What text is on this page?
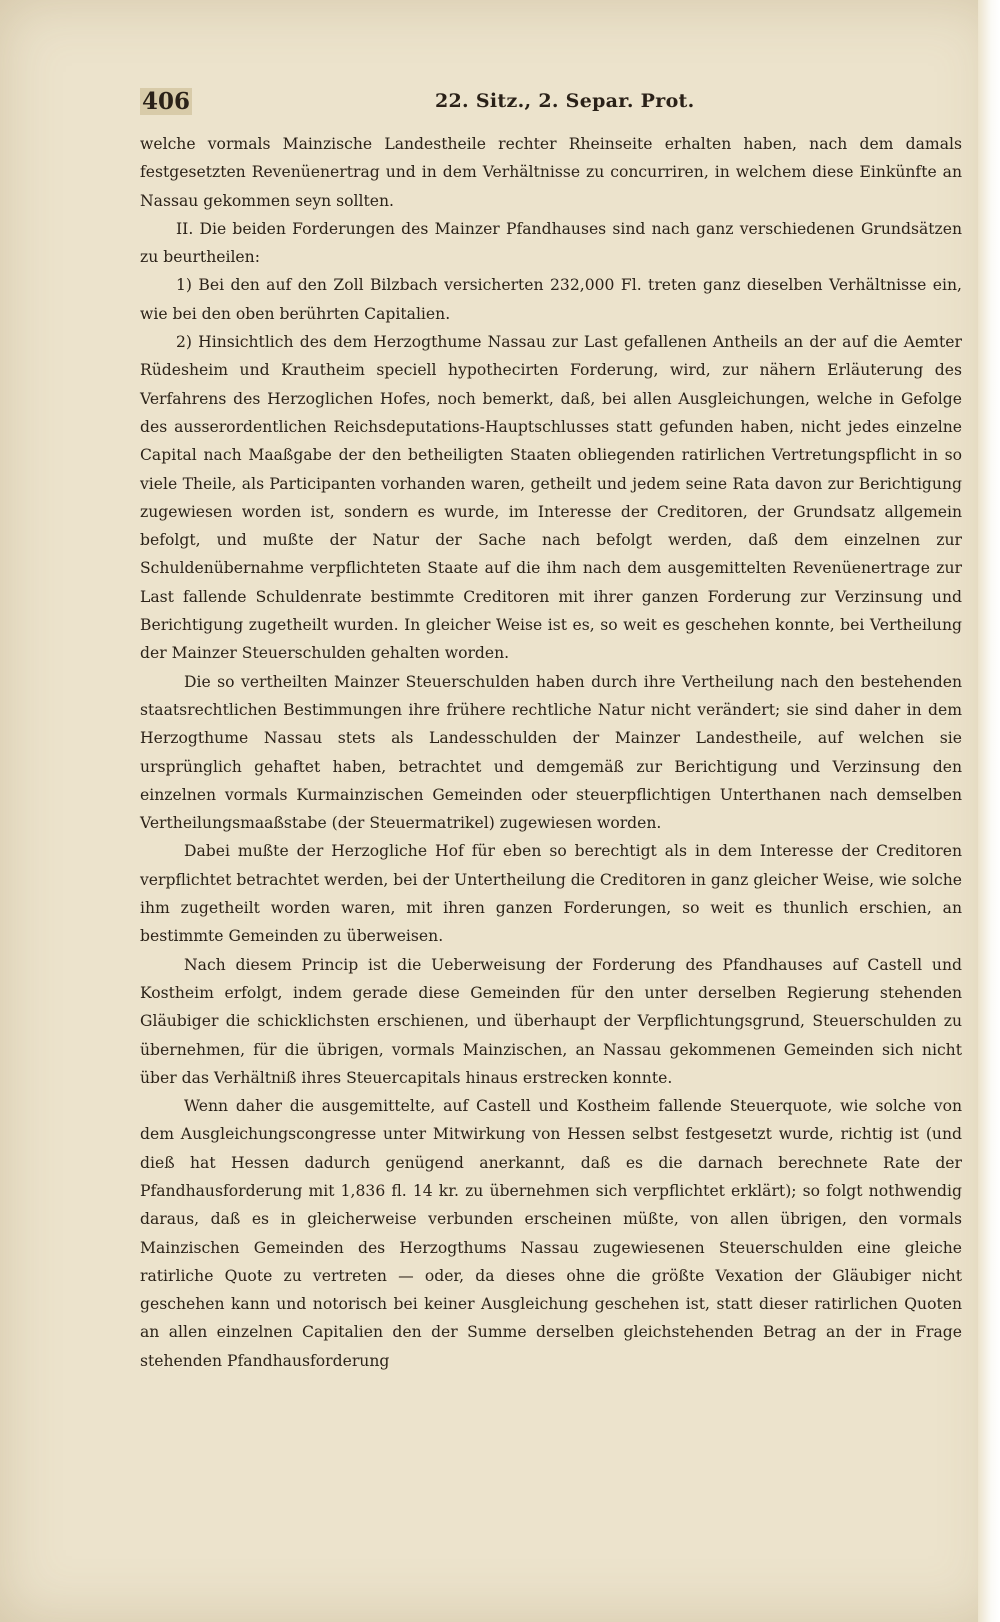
406	22. Sitz., 2. Separ. Prot.

welche vormals Mainzische Landestheile rechter Rheinseite erhalten haben, nach dem damals festgesetzten Revenüenertrag und in dem Verhältnisse zu concurriren, in welchem diese Einkünfte an Nassau gekommen seyn sollten.

II. Die beiden Forderungen des Mainzer Pfandhauses sind nach ganz verschiedenen Grundsätzen zu beurtheilen:

1) Bei den auf den Zoll Bilzbach versicherten 232,000 Fl. treten ganz dieselben Verhältnisse ein, wie bei den oben berührten Capitalien.

2) Hinsichtlich des dem Herzogthume Nassau zur Last gefallenen Antheils an der auf die Aemter Rüdesheim und Krautheim speciell hypothecirten Forderung, wird, zur nähern Erläuterung des Verfahrens des Herzoglichen Hofes, noch bemerkt, daß, bei allen Ausgleichungen, welche in Gefolge des ausserordentlichen Reichsdeputations-Hauptschlusses statt gefunden haben, nicht jedes einzelne Capital nach Maaßgabe der den betheiligten Staaten obliegenden ratirlichen Vertretungspflicht in so viele Theile, als Participanten vorhanden waren, getheilt und jedem seine Rata davon zur Berichtigung zugewiesen worden ist, sondern es wurde, im Interesse der Creditoren, der Grundsatz allgemein befolgt, und mußte der Natur der Sache nach befolgt werden, daß dem einzelnen zur Schuldenübernahme verpflichteten Staate auf die ihm nach dem ausgemittelten Revenüenertrage zur Last fallende Schuldenrate bestimmte Creditoren mit ihrer ganzen Forderung zur Verzinsung und Berichtigung zugetheilt wurden. In gleicher Weise ist es, so weit es geschehen konnte, bei Vertheilung der Mainzer Steuerschulden gehalten worden.

Die so vertheilten Mainzer Steuerschulden haben durch ihre Vertheilung nach den bestehenden staatsrechtlichen Bestimmungen ihre frühere rechtliche Natur nicht verändert; sie sind daher in dem Herzogthume Nassau stets als Landesschulden der Mainzer Landestheile, auf welchen sie ursprünglich gehaftet haben, betrachtet und demgemäß zur Berichtigung und Verzinsung den einzelnen vormals Kurmainzischen Gemeinden oder steuerpflichtigen Unterthanen nach demselben Vertheilungsmaaßstabe (der Steuermatrikel) zugewiesen worden.

Dabei mußte der Herzogliche Hof für eben so berechtigt als in dem Interesse der Creditoren verpflichtet betrachtet werden, bei der Untertheilung die Creditoren in ganz gleicher Weise, wie solche ihm zugetheilt worden waren, mit ihren ganzen Forderungen, so weit es thunlich erschien, an bestimmte Gemeinden zu überweisen.

Nach diesem Princip ist die Ueberweisung der Forderung des Pfandhauses auf Castell und Kostheim erfolgt, indem gerade diese Gemeinden für den unter derselben Regierung stehenden Gläubiger die schicklichsten erschienen, und überhaupt der Verpflichtungsgrund, Steuerschulden zu übernehmen, für die übrigen, vormals Mainzischen, an Nassau gekommenen Gemeinden sich nicht über das Verhältniß ihres Steuercapitals hinaus erstrecken konnte.

Wenn daher die ausgemittelte, auf Castell und Kostheim fallende Steuerquote, wie solche von dem Ausgleichungscongresse unter Mitwirkung von Hessen selbst festgesetzt wurde, richtig ist (und dieß hat Hessen dadurch genügend anerkannt, daß es die darnach berechnete Rate der Pfandhausforderung mit 1,836 fl. 14 kr. zu übernehmen sich verpflichtet erklärt); so folgt nothwendig daraus, daß es in gleicherweise verbunden erscheinen müßte, von allen übrigen, den vormals Mainzischen Gemeinden des Herzogthums Nassau zugewiesenen Steuerschulden eine gleiche ratirliche Quote zu vertreten — oder, da dieses ohne die größte Vexation der Gläubiger nicht geschehen kann und notorisch bei keiner Ausgleichung geschehen ist, statt dieser ratirlichen Quoten an allen einzelnen Capitalien den der Summe derselben gleichstehenden Betrag an der in Frage stehenden Pfandhausforderung
